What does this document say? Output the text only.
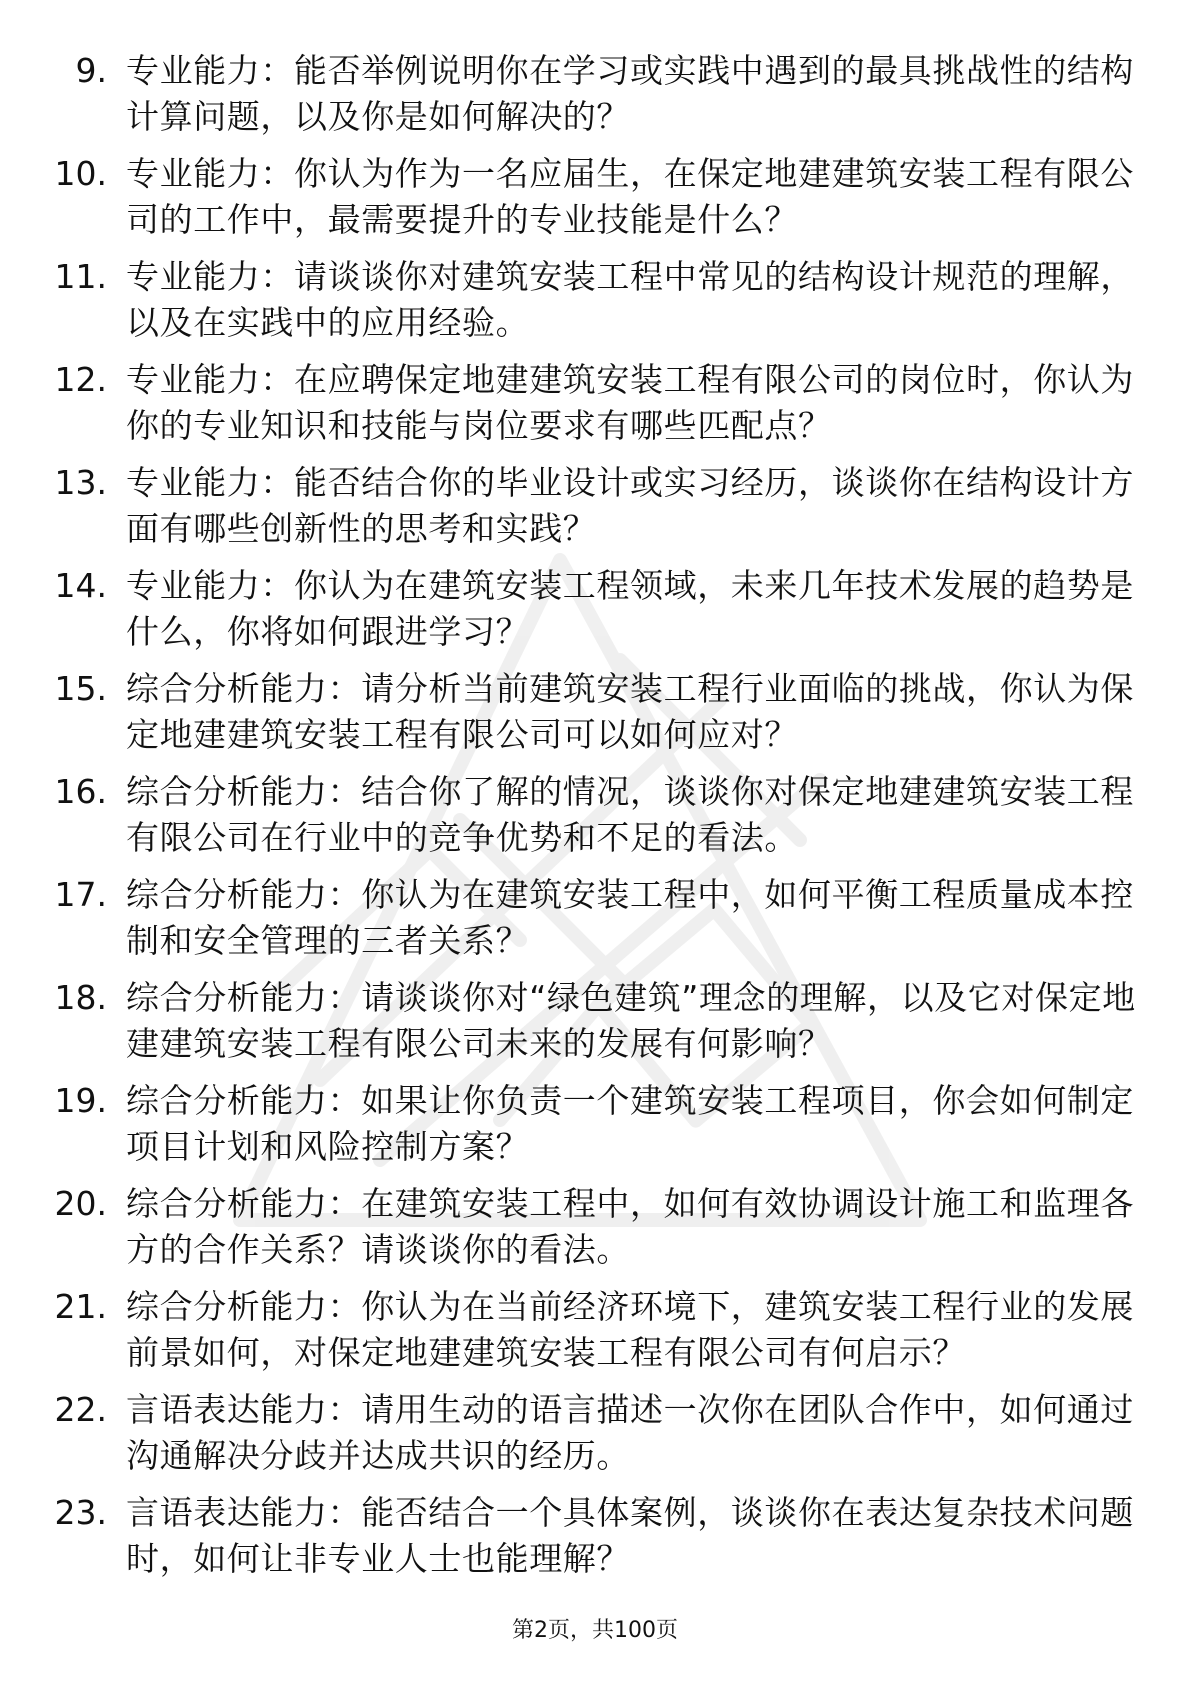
9. 专业能力：能否举例说明你在学习或实践中遇到的最具挑战性的结构计算问题，以及你是如何解决的？
10. 专业能力：你认为作为一名应届生，在保定地建建筑安装工程有限公司的工作中，最需要提升的专业技能是什么？
11. 专业能力：请谈谈你对建筑安装工程中常见的结构设计规范的理解，以及在实践中的应用经验。
12. 专业能力：在应聘保定地建建筑安装工程有限公司的岗位时，你认为你的专业知识和技能与岗位要求有哪些匹配点？
13. 专业能力：能否结合你的毕业设计或实习经历，谈谈你在结构设计方面有哪些创新性的思考和实践？
14. 专业能力：你认为在建筑安装工程领域，未来几年技术发展的趋势是什么，你将如何跟进学习？
15. 综合分析能力：请分析当前建筑安装工程行业面临的挑战，你认为保定地建建筑安装工程有限公司可以如何应对？
16. 综合分析能力：结合你了解的情况，谈谈你对保定地建建筑安装工程有限公司在行业中的竞争优势和不足的看法。
17. 综合分析能力：你认为在建筑安装工程中，如何平衡工程质量成本控制和安全管理的三者关系？
18. 综合分析能力：请谈谈你对“绿色建筑”理念的理解，以及它对保定地建建筑安装工程有限公司未来的发展有何影响？
19. 综合分析能力：如果让你负责一个建筑安装工程项目，你会如何制定项目计划和风险控制方案？
20. 综合分析能力：在建筑安装工程中，如何有效协调设计施工和监理各方的合作关系？请谈谈你的看法。
21. 综合分析能力：你认为在当前经济环境下，建筑安装工程行业的发展前景如何，对保定地建建筑安装工程有限公司有何启示？
22. 言语表达能力：请用生动的语言描述一次你在团队合作中，如何通过沟通解决分歧并达成共识的经历。
23. 言语表达能力：能否结合一个具体案例，谈谈你在表达复杂技术问题时，如何让非专业人士也能理解？
第2页，共100页
